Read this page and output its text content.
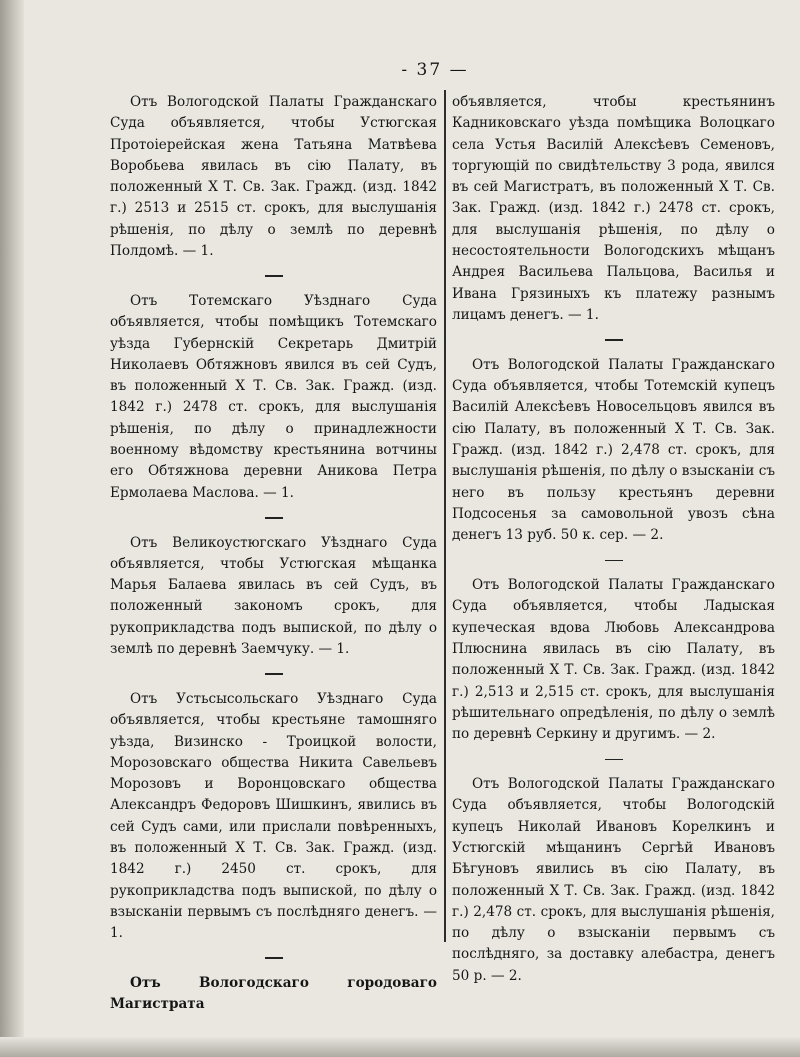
- 37 —

Отъ Вологодской Палаты Гражданскаго Суда объявляется, чтобы Устюгская Протоіерейская жена Татьяна Матвѣева Воробьева явилась въ сію Палату, въ положенный X Т. Св. Зак. Гражд. (изд. 1842 г.) 2513 и 2515 ст. срокъ, для выслушанія рѣшенія, по дѣлу о землѣ по деревнѣ Полдомѣ. — 1.

Отъ Тотемскаго Уѣзднаго Суда объявляется, чтобы помѣщикъ Тотемскаго уѣзда Губернскій Секретарь Дмитрій Николаевъ Обтяжновъ явился въ сей Судъ, въ положенный X Т. Св. Зак. Гражд. (изд. 1842 г.) 2478 ст. срокъ, для выслушанія рѣшенія, по дѣлу о принадлежности военному вѣдомству крестьянина вотчины его Обтяжнова деревни Аникова Петра Ермолаева Маслова. — 1.

Отъ Великоустюгскаго Уѣзднаго Суда объявляется, чтобы Устюгская мѣщанка Марья Балаева явилась въ сей Судъ, въ положенный закономъ срокъ, для рукоприкладства подъ выпиской, по дѣлу о землѣ по деревнѣ Заемчуку. — 1.

Отъ Устьсысольскаго Уѣзднаго Суда объявляется, чтобы крестьяне тамошняго уѣзда, Визинско - Троицкой волости, Морозовскаго общества Никита Савельевъ Морозовъ и Воронцовскаго общества Александръ Федоровъ Шишкинъ, явились въ сей Судъ сами, или прислали повѣренныхъ, въ положенный X Т. Св. Зак. Гражд. (изд. 1842 г.) 2450 ст. срокъ, для рукоприкладства подъ выпиской, по дѣлу о взысканіи первымъ съ послѣдняго денегъ. — 1.

Отъ Вологодскаго городоваго Магистрата

объявляется, чтобы крестьянинъ Кадниковскаго уѣзда помѣщика Волоцкаго села Устья Василій Алексѣевъ Семеновъ, торгующій по свидѣтельству 3 рода, явился въ сей Магистратъ, въ положенный X Т. Св. Зак. Гражд. (изд. 1842 г.) 2478 ст. срокъ, для выслушанія рѣшенія, по дѣлу о несостоятельности Вологодскихъ мѣщанъ Андрея Васильева Пальцова, Василья и Ивана Грязиныхъ къ платежу разнымъ лицамъ денегъ. — 1.

Отъ Вологодской Палаты Гражданскаго Суда объявляется, чтобы Тотемскій купецъ Василій Алексѣевъ Новосельцовъ явился въ сію Палату, въ положенный X Т. Св. Зак. Гражд. (изд. 1842 г.) 2,478 ст. срокъ, для выслушанія рѣшенія, по дѣлу о взысканіи съ него въ пользу крестьянъ деревни Подсосенья за самовольной увозъ сѣна денегъ 13 руб. 50 к. сер. — 2.

Отъ Вологодской Палаты Гражданскаго Суда объявляется, чтобы Ладыская купеческая вдова Любовь Александрова Плюснина явилась въ сію Палату, въ положенный X Т. Св. Зак. Гражд. (изд. 1842 г.) 2,513 и 2,515 ст. срокъ, для выслушанія рѣшительнаго опредѣленія, по дѣлу о землѣ по деревнѣ Серкину и другимъ. — 2.

Отъ Вологодской Палаты Гражданскаго Суда объявляется, чтобы Вологодскій купецъ Николай Ивановъ Корелкинъ и Устюгскій мѣщанинъ Сергѣй Ивановъ Бѣгуновъ явились въ сію Палату, въ положенный X Т. Св. Зак. Гражд. (изд. 1842 г.) 2,478 ст. срокъ, для выслушанія рѣшенія, по дѣлу о взысканіи первымъ съ послѣдняго, за доставку алебастра, денегъ 50 р. — 2.
